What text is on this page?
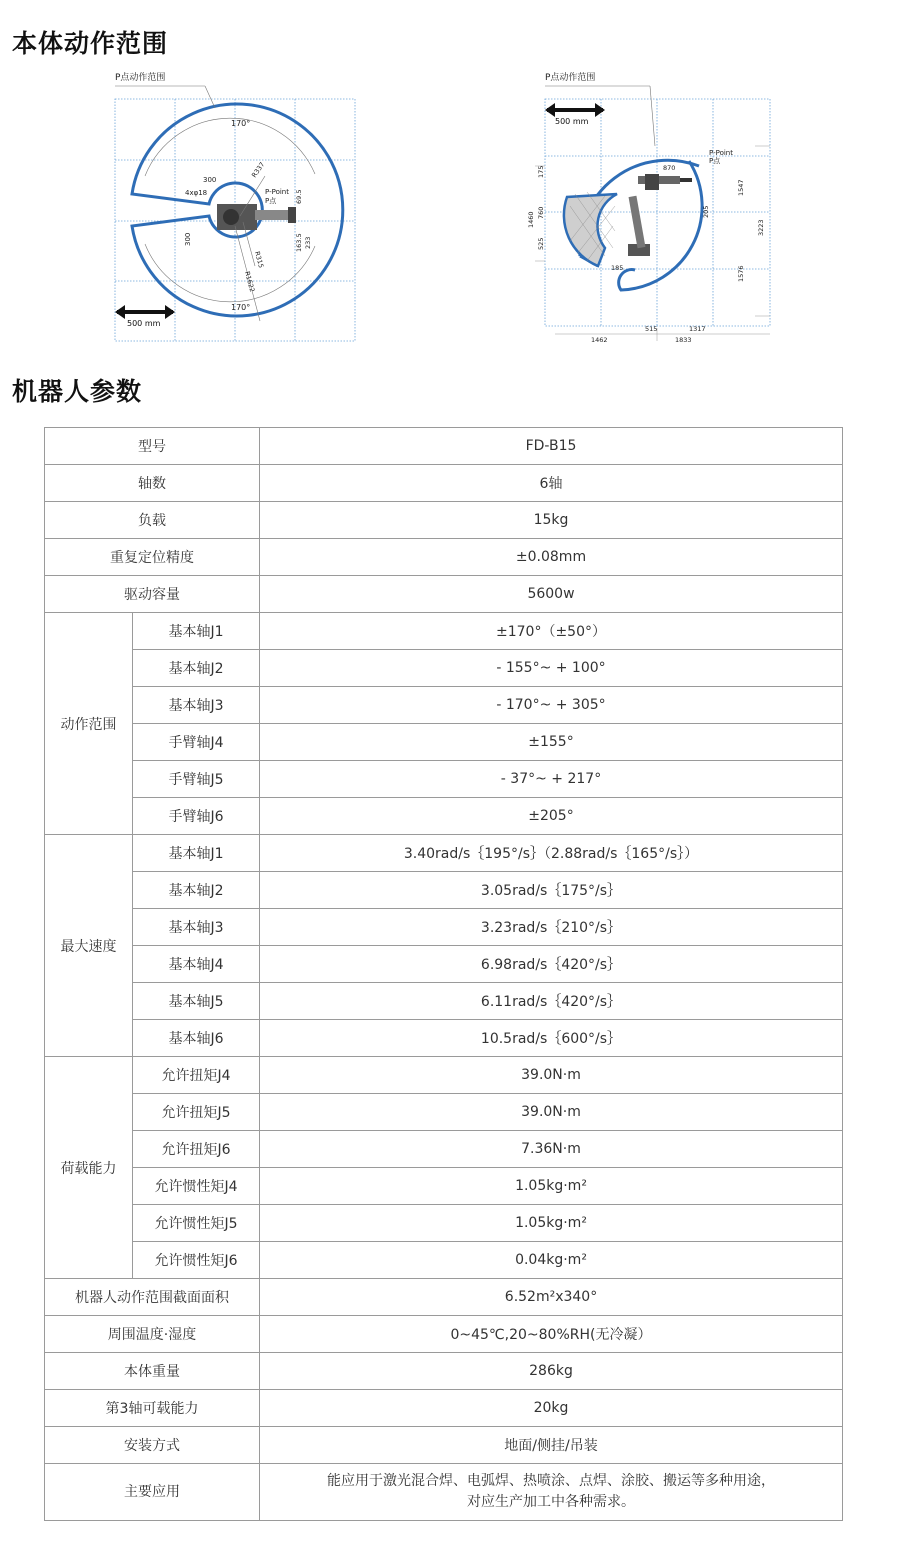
本体动作范围
P点动作范围
170°
170°
300
4xφ18
R337
P-Point
P点	69.5
163.5 233
300
R315
R1622
500 mm
P点动作范围
P-Point
P点
870
175
760
1460
525
205
185
1547
3223
1576
1462
515	1317
1833
500 mm
机器人参数
型号		FD-B15
轴数		6轴
负载		15kg
重复定位精度		±0.08mm
驱动容量		5600w
动作范围	基本轴J1	±170°（±50°）
	基本轴J2	- 155°~ + 100°
	基本轴J3	- 170°~ + 305°
	手臂轴J4	±155°
	手臂轴J5	- 37°~ + 217°
	手臂轴J6	±205°
最大速度	基本轴J1	3.40rad/s｛195°/s｝（2.88rad/s｛165°/s｝）
	基本轴J2	3.05rad/s｛175°/s｝
	基本轴J3	3.23rad/s｛210°/s｝
	基本轴J4	6.98rad/s｛420°/s｝
	基本轴J5	6.11rad/s｛420°/s｝
	基本轴J6	10.5rad/s｛600°/s｝
荷载能力	允许扭矩J4	39.0N·m
	允许扭矩J5	39.0N·m
	允许扭矩J6	7.36N·m
	允许惯性矩J4	1.05kg·m²
	允许惯性矩J5	1.05kg·m²
	允许惯性矩J6	0.04kg·m²
机器人动作范围截面面积		6.52m²x340°
周围温度·湿度		0~45℃,20~80%RH(无冷凝）
本体重量		286kg
第3轴可载能力		20kg
安装方式		地面/侧挂/吊装
主要应用		能应用于激光混合焊、电弧焊、热喷涂、点焊、涂胶、搬运等多种用途，
对应生产加工中各种需求。
